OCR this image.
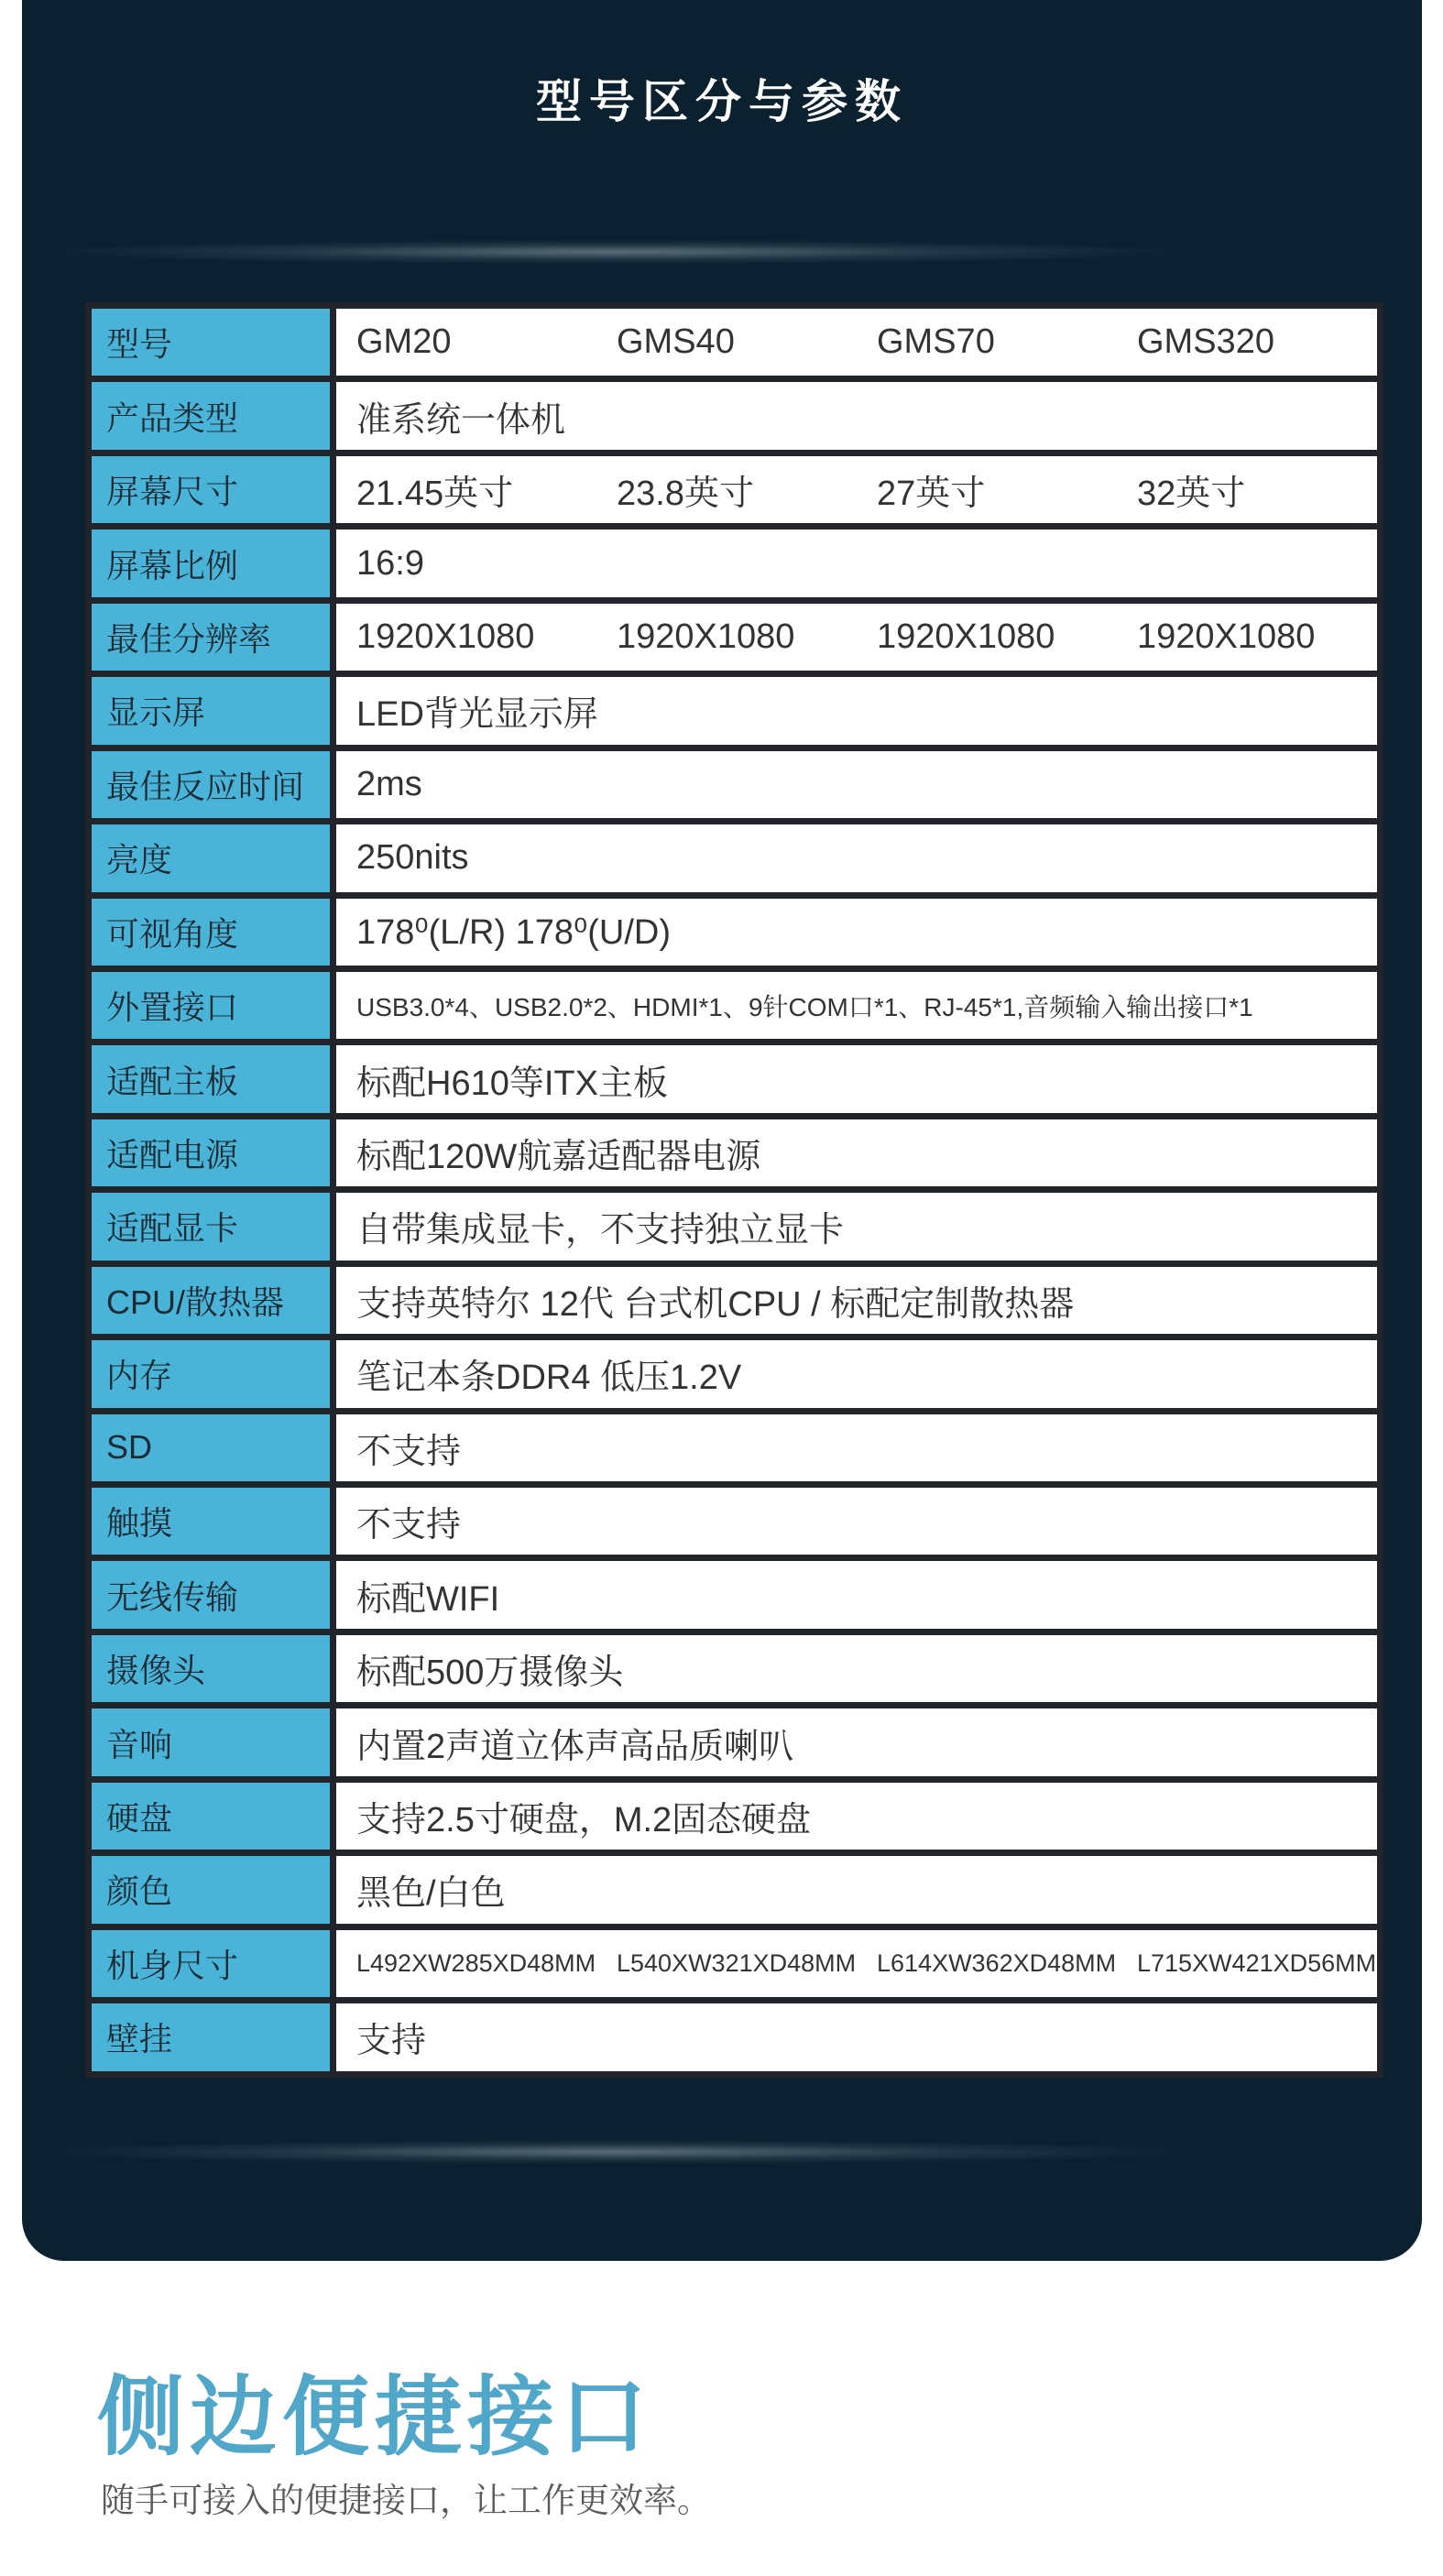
型号区分与参数
型号	GM20	GMS40	GMS70	GMS320
产品类型	准系统一体机
屏幕尺寸	21.45英寸	23.8英寸	27英寸	32英寸
屏幕比例	16:9
最佳分辨率	1920X1080	1920X1080	1920X1080	1920X1080
显示屏	LED背光显示屏
最佳反应时间	2ms
亮度	250nits
可视角度	178⁰(L/R) 178⁰(U/D)
外置接口	USB3.0*4、USB2.0*2、HDMI*1、9针COM口*1、RJ-45*1,音频输入输出接口*1
适配主板	标配H610等ITX主板
适配电源	标配120W航嘉适配器电源
适配显卡	自带集成显卡，不支持独立显卡
CPU/散热器	支持英特尔 12代 台式机CPU / 标配定制散热器
内存	笔记本条DDR4 低压1.2V
SD	不支持
触摸	不支持
无线传输	标配WIFI
摄像头	标配500万摄像头
音响	内置2声道立体声高品质喇叭
硬盘	支持2.5寸硬盘，M.2固态硬盘
颜色	黑色/白色
机身尺寸	L492XW285XD48MM L540XW321XD48MM L614XW362XD48MM L715XW421XD56MM
壁挂	支持
侧边便捷接口
随手可接入的便捷接口，让工作更效率。
